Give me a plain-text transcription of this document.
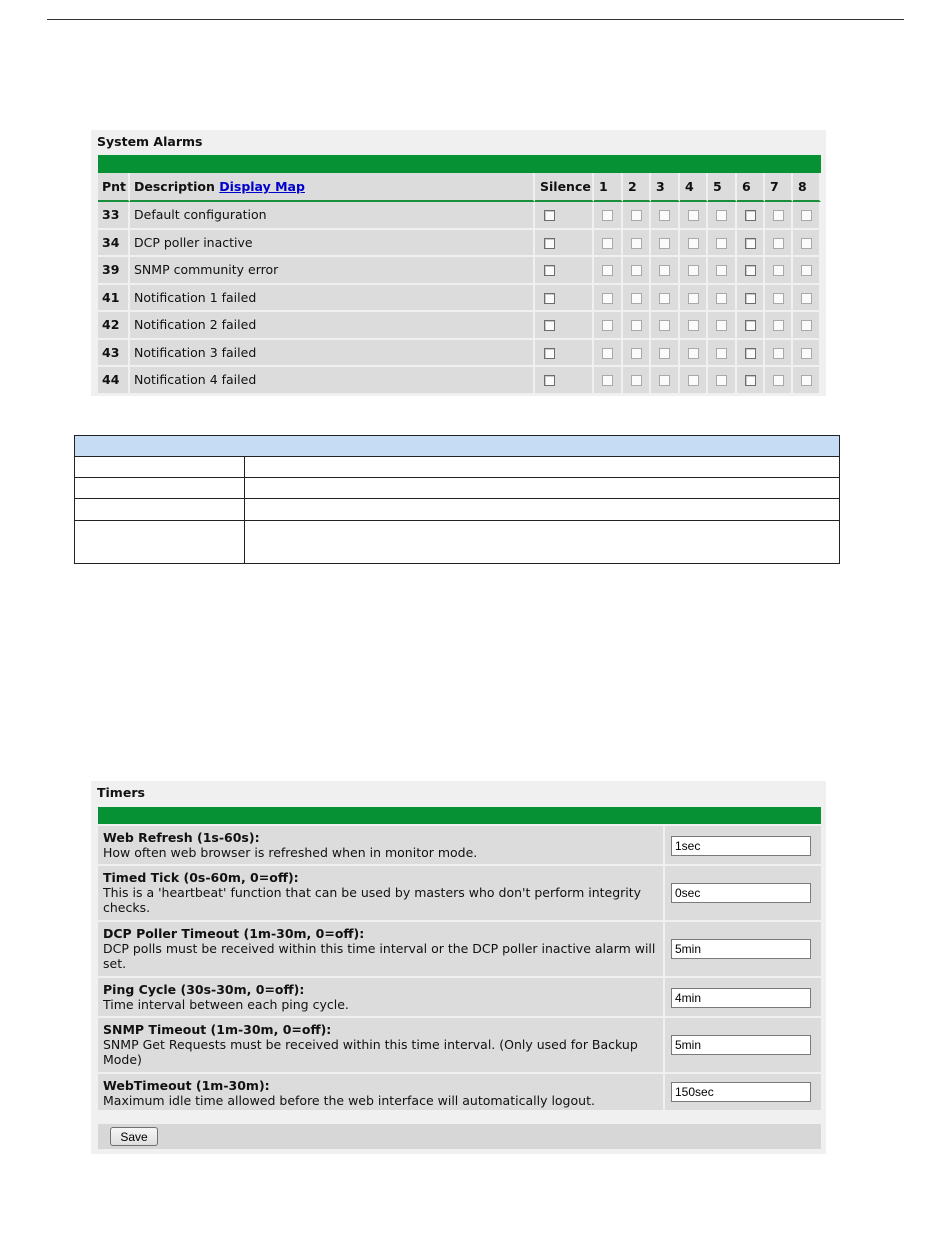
System Alarms
Pnt	Description Display Map	Silence	1	2	3	4	5	6	7	8
33	Default configuration									
34	DCP poller inactive									
39	SNMP community error									
41	Notification 1 failed									
42	Notification 2 failed									
43	Notification 3 failed									
44	Notification 4 failed									

Timers
Web Refresh (1s-60s):
How often web browser is refreshed when in monitor mode.
1sec
Timed Tick (0s-60m, 0=off):
This is a 'heartbeat' function that can be used by masters who don't perform integrity checks.
0sec
DCP Poller Timeout (1m-30m, 0=off):
DCP polls must be received within this time interval or the DCP poller inactive alarm will set.
5min
Ping Cycle (30s-30m, 0=off):
Time interval between each ping cycle.
4min
SNMP Timeout (1m-30m, 0=off):
SNMP Get Requests must be received within this time interval. (Only used for Backup Mode)
5min
WebTimeout (1m-30m):
Maximum idle time allowed before the web interface will automatically logout.
150sec
Save
